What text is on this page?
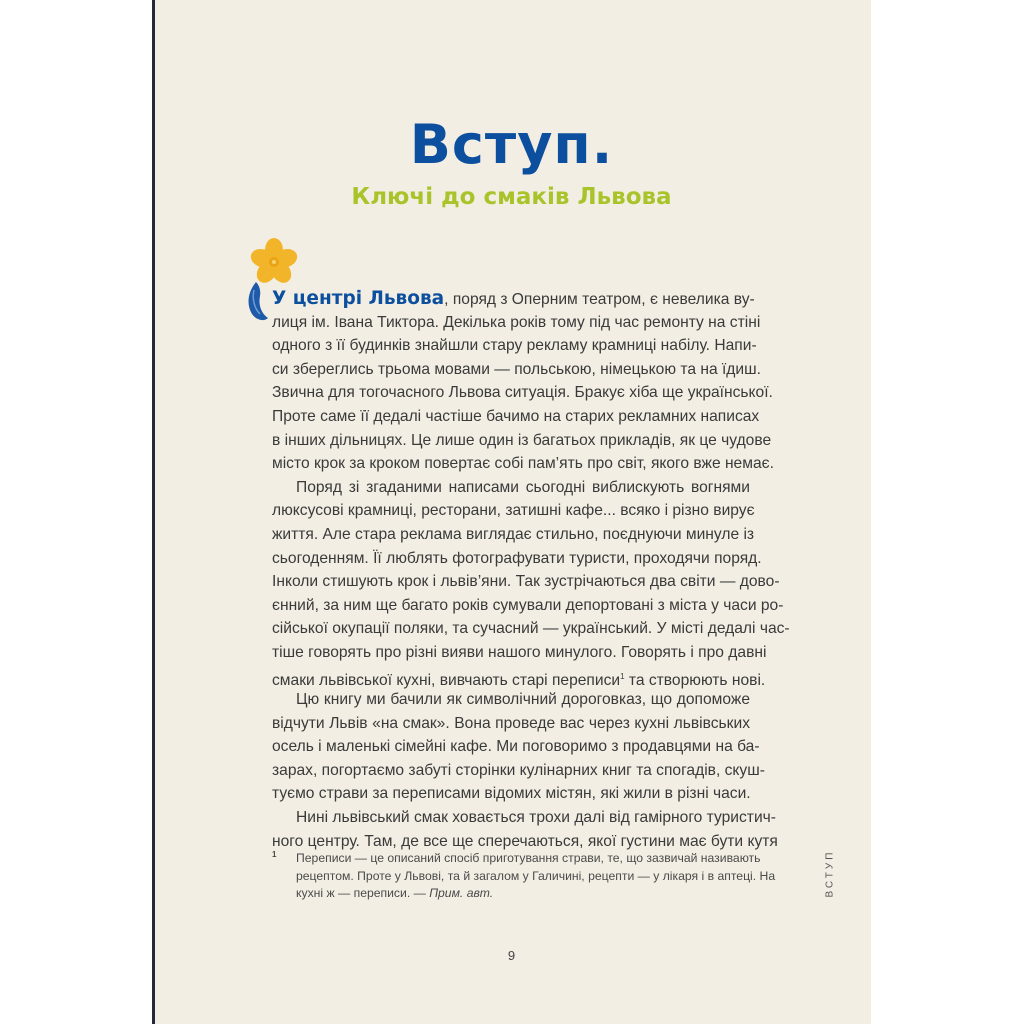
Вступ.
Ключі до смаків Львова
У центрі Львова, поряд з Оперним театром, є невелика ву-
лиця ім. Івана Тиктора. Декілька років тому під час ремонту на стіні
одного з її будинків знайшли стару рекламу крамниці набілу. Напи-
си збереглись трьома мовами — польською, німецькою та на їдиш.
Звична для тогочасного Львова ситуація. Бракує хіба ще української.
Проте саме її дедалі частіше бачимо на старих рекламних написах
в інших дільницях. Це лише один із багатьох прикладів, як це чудове
місто крок за кроком повертає собі пам’ять про світ, якого вже немає.
Поряд зі згаданими написами сьогодні виблискують вогнями
люксусові крамниці, ресторани, затишні кафе... всяко і різно вирує
життя. Але стара реклама виглядає стильно, поєднуючи минуле із
сьогоденням. Її люблять фотографувати туристи, проходячи поряд.
Інколи стишують крок і львів’яни. Так зустрічаються два світи — дово-
єнний, за ним ще багато років сумували депортовані з міста у часи ро-
сійської окупації поляки, та сучасний — український. У місті дедалі час-
тіше говорять про різні вияви нашого минулого. Говорять і про давні
смаки львівської кухні, вивчають старі переписи$^1$ та створюють нові.
Цю книгу ми бачили як символічний дороговказ, що допоможе
відчути Львів «на смак». Вона проведе вас через кухні львівських
осель і маленькі сімейні кафе. Ми поговоримо з продавцями на ба-
зарах, погортаємо забуті сторінки кулінарних книг та спогадів, скуш-
туємо страви за переписами відомих містян, які жили в різні часи.
Нині львівський смак ховається трохи далі від гамірного туристич-
ного центру. Там, де все ще сперечаються, якої густини має бути кутя
1 Переписи — це описаний спосіб приготування страви, те, що зазвичай називають
рецептом. Проте у Львові, та й загалом у Галичині, рецепти — у лікаря і в аптеці. На
кухні ж — переписи. — Прим. авт.	ВСТУП
9
